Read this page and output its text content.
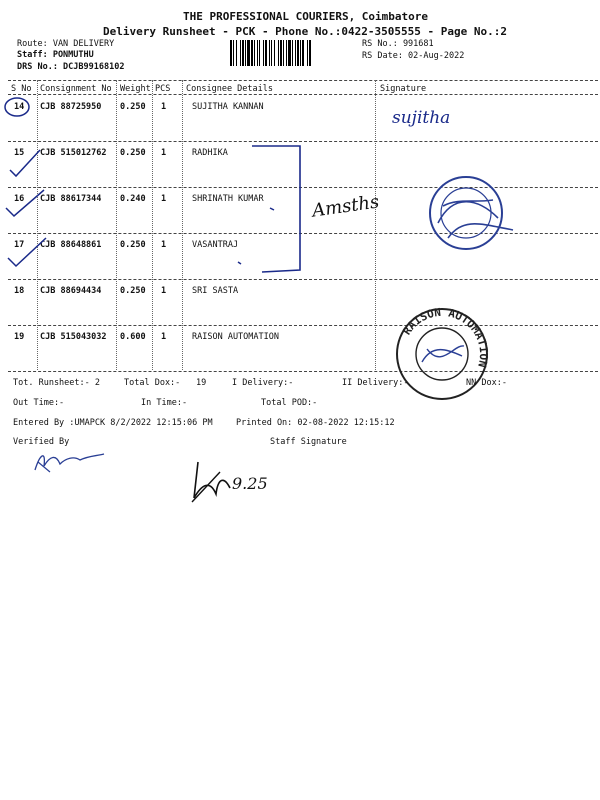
THE PROFESSIONAL COURIERS, Coimbatore
Delivery Runsheet - PCK - Phone No.:0422-3505555 - Page No.:2
Route: VAN DELIVERY
Staff: PONMUTHU
DRS No.: DCJB99168102
RS No.: 991681
RS Date: 02-Aug-2022
S No Consignment No Weight PCS Consignee Details	Signature
14 CJB 88725950 0.250 1	SUJITHA KANNAN
15 CJB 515012762 0.250 1	RADHIKA
16 CJB 88617344 0.240 1	SHRINATH KUMAR
17 CJB 88648861 0.250 1	VASANTRAJ
18 CJB 88694434 0.250 1	SRI SASTA
19 CJB 515043032 0.600 1	RAISON AUTOMATION
sujitha
Amsths
RAISON AUTOMATION
Tot. Runsheet:- 2	Total Dox:- 19	I Delivery:-	II Delivery:-	NN Dox:-
Out Time:-	In Time:-	Total POD:-
Entered By :UMAPCK 8/2/2022 12:15:06 PM	Printed On: 02-08-2022 12:15:12
Verified By	Staff Signature
9.25
